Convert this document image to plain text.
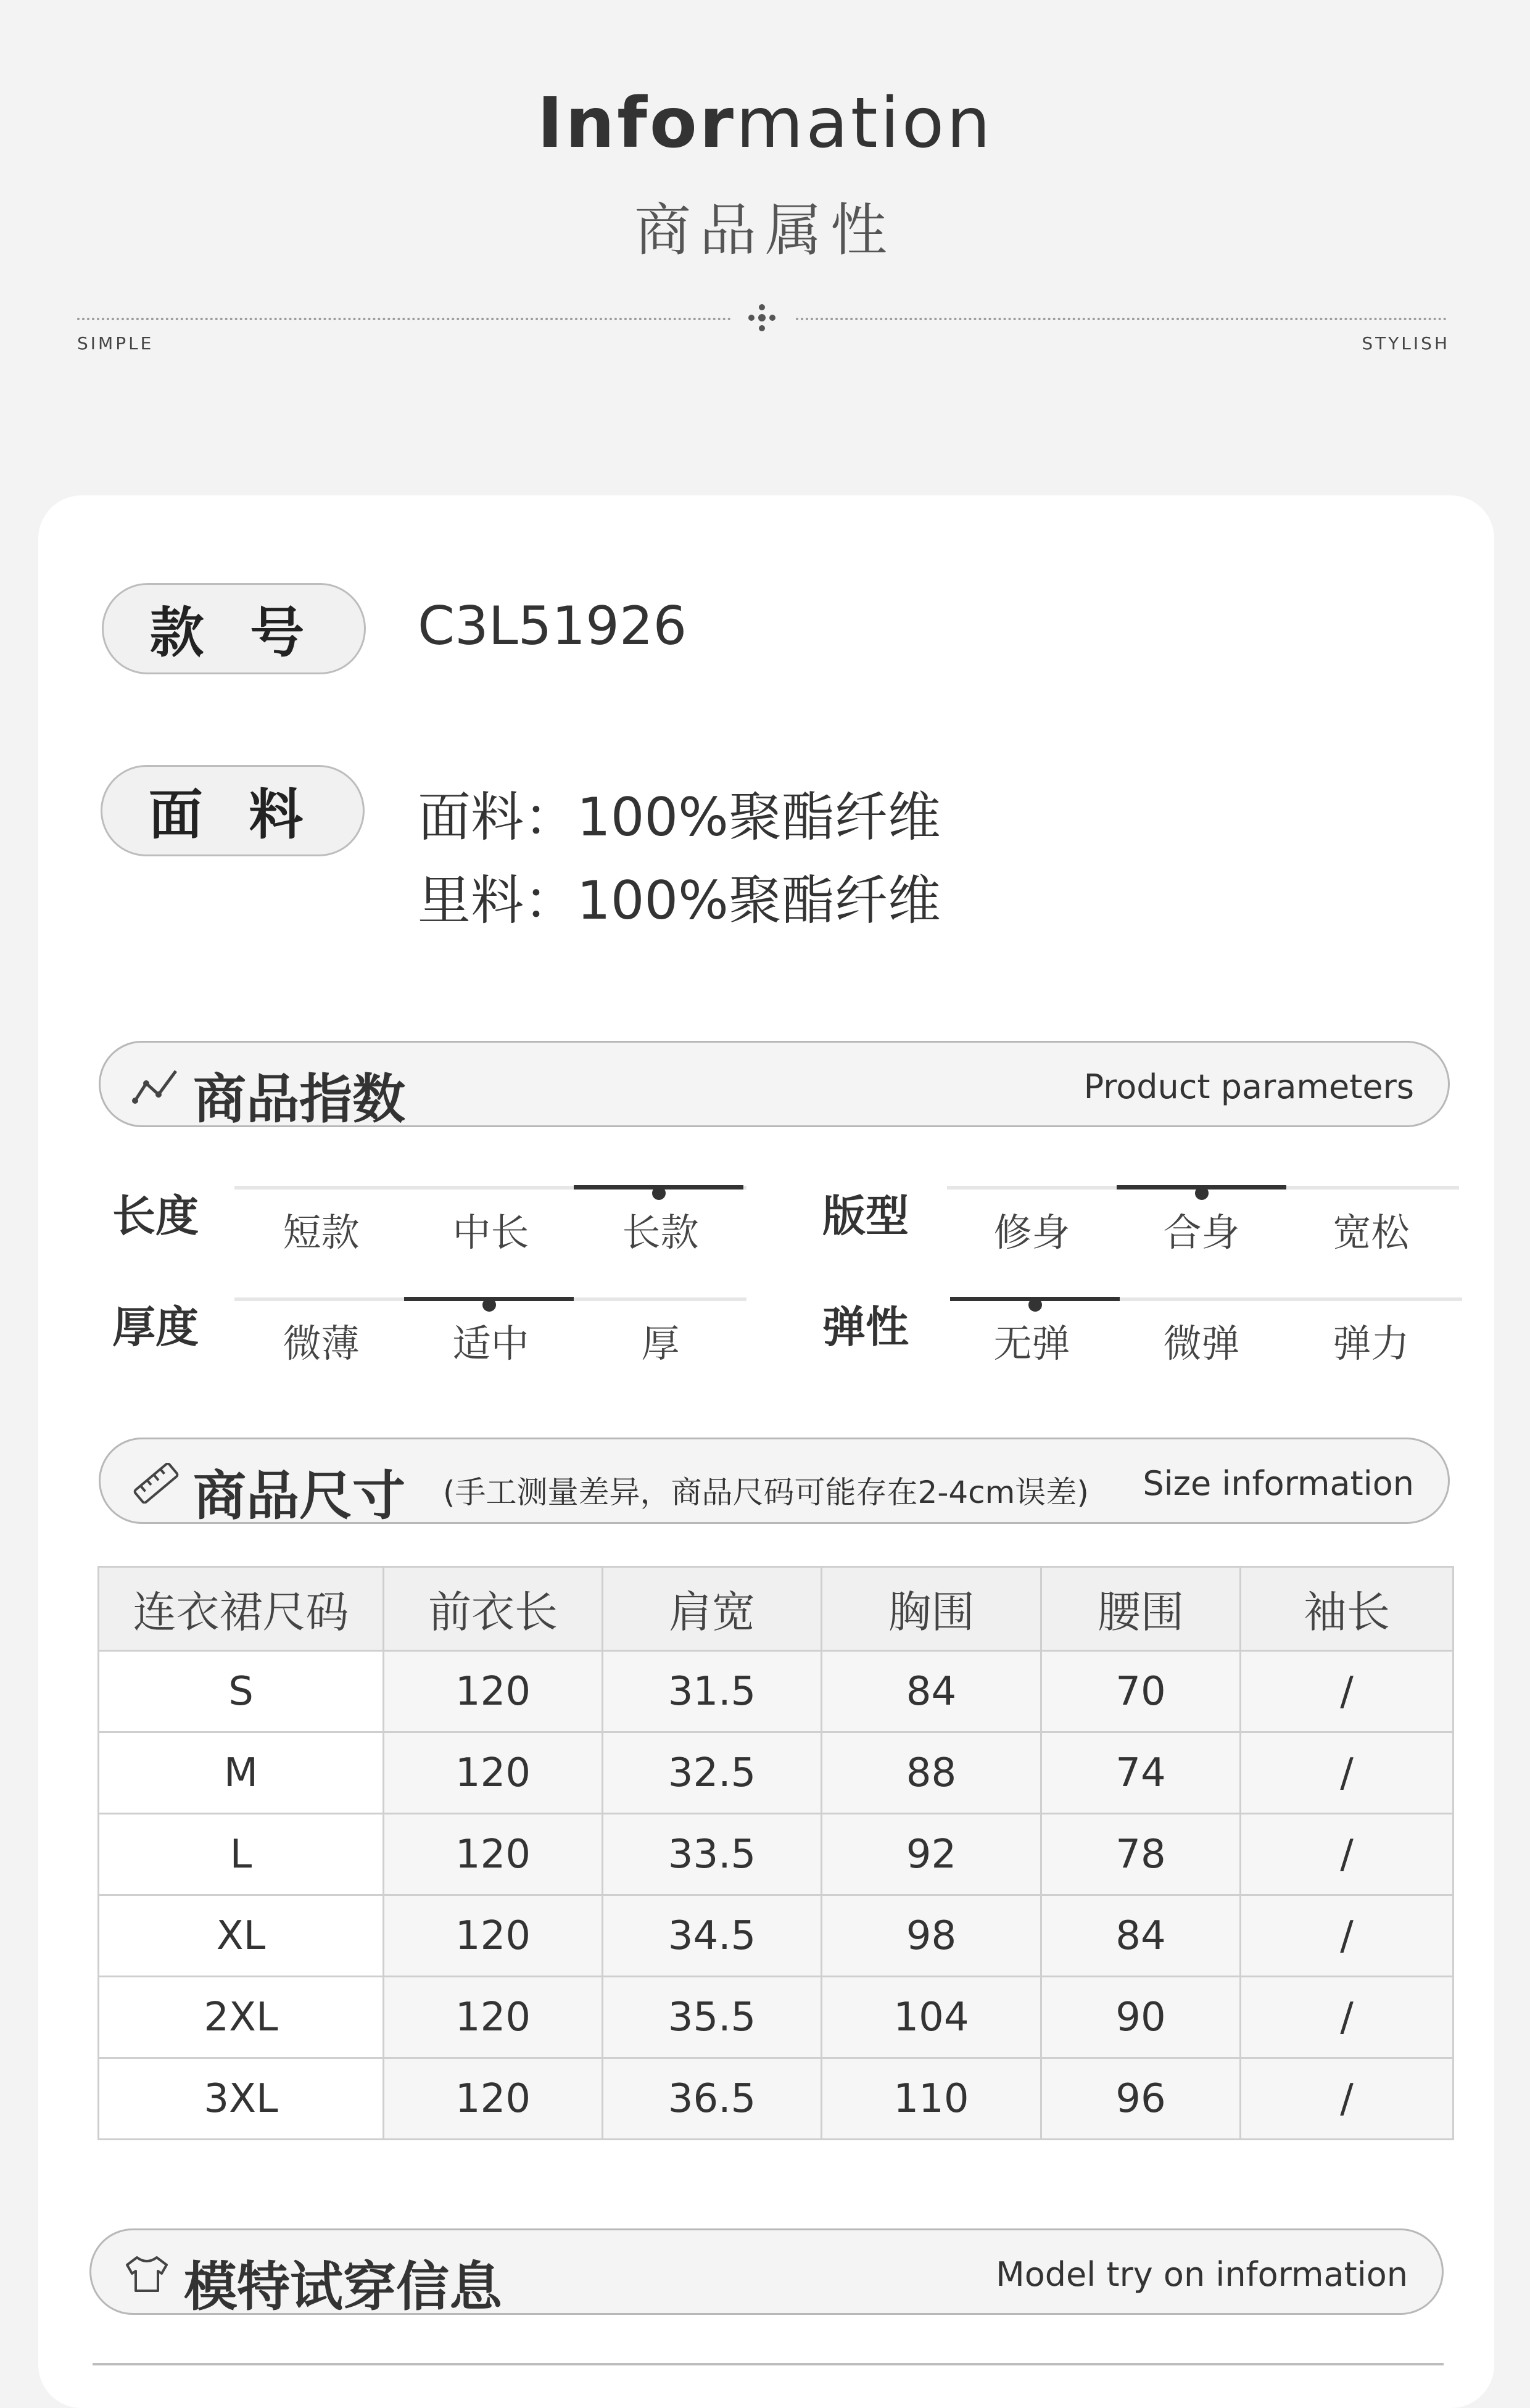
Information
商品属性
SIMPLE	STYLISH
款 号	C3L51926
面 料	面料：100%聚酯纤维
里料：100%聚酯纤维
商品指数	Product parameters
长度	短款	中长	长款	版型	修身	合身	宽松
厚度	微薄	适中	厚	弹性	无弹	微弹	弹力
商品尺寸 (手工测量差异，商品尺码可能存在2-4cm误差) Size information
连衣裙尺码	前衣长	肩宽	胸围	腰围	袖长
S	120	31.5	84	70	/
M	120	32.5	88	74	/
L	120	33.5	92	78	/
XL	120	34.5	98	84	/
2XL	120	35.5	104	90	/
3XL	120	36.5	110	96	/
模特试穿信息	Model try on information
